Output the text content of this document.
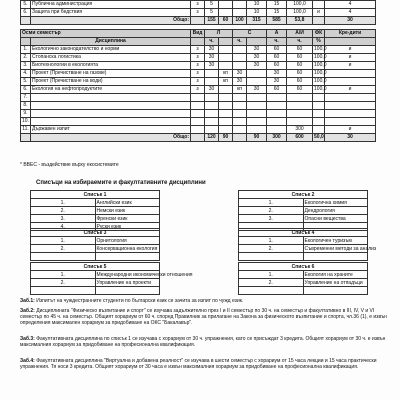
5.	Публична администрация	з	5			10	15	100,0		4
6.	Защита при бедствия	з	5			10	15	100,0	и	4
	Общо:		155	60	100	315	585	53,8		30
Осми семестър		Вид	Л		С		А	А/И	ФК	Кре-дити	
	Дисциплина		ч.		ч.		ч.	ч.	%		
1.	Екологично законодателство и норми	з	30			30	60	60	100,0	и	
2.	Стопанска логистика	з	30			30	60	60	100,0	и	
3.	Биотехнологии в екологията	з	30			30	60	60	100,0	и	
4.	Проект (Пречистване на газове)	з		кп	30		30	60	100,0		
5.	Проект (Пречистване на води)	з		кп	30		30	60	100,0		
6.	Екология на нефтопродуктите	з	30		кп	30	60	60	100,0	и	
7.											
8.											
9.											
10.											
11.	Държавен изпит							300		и	
	Общо:		120	90		90	300	600	50,0	30	
* ВВЕС - въздействие върху екосистемите
Списъци на избираемите и факултативните дисциплини
Списък 1	
1.	Английски език
2.	Немски език
3.	Френски език
4.	Руски език
Списък 2	
1.	Екологична химия
2.	Дендрология
3.	Опасни вещества

Списък 3	
1.	Орнитология
2.	Консервационна екология

Списък 4	
1.	Екологичен туризъм
2.	Съвременни методи за анализ

Списък 5	
1.	Международни икономически отношения
2.	Управление на проекти

Списък 6	
1.	Екология на храните
2.	Управление на отпадъци

Заб.1: Изпитът на чуждестранните студенти по български език се зачита за изпит по чужд език.
Заб.2: Дисциплината "Физическо възпитание и спорт" се изучава задължително през I и II семестър по 30 ч. на семестър и факултативно в III, IV, V и VI семестър по 45 ч. на семестър. Общият хорариум от 60 ч. според Правилник за прилагане на Закона за физическото възпитание и спорта, чл.36 (1), е извън определения максимален хорариум за придобиване на ОКС "Бакалавър".
Заб.3: Факултативната дисциплина по списък 1 се изучава с хорариум от 30 ч. упражнения, като се присъждат 3 кредита. Общият хорариум от 30 ч. е извън максималния хорариум за придобиване на професионална квалификация.
Заб.4: Факултативната дисциплина "Виртуална и добавена реалност" се изучава в шести семестър с хорариум от 15 часа лекции и 15 часа практически упражнения. Тя носи 3 кредита. Общият хорариум от 30 часа е извън максималния хорариум за придобиване на професионална квалификация.
